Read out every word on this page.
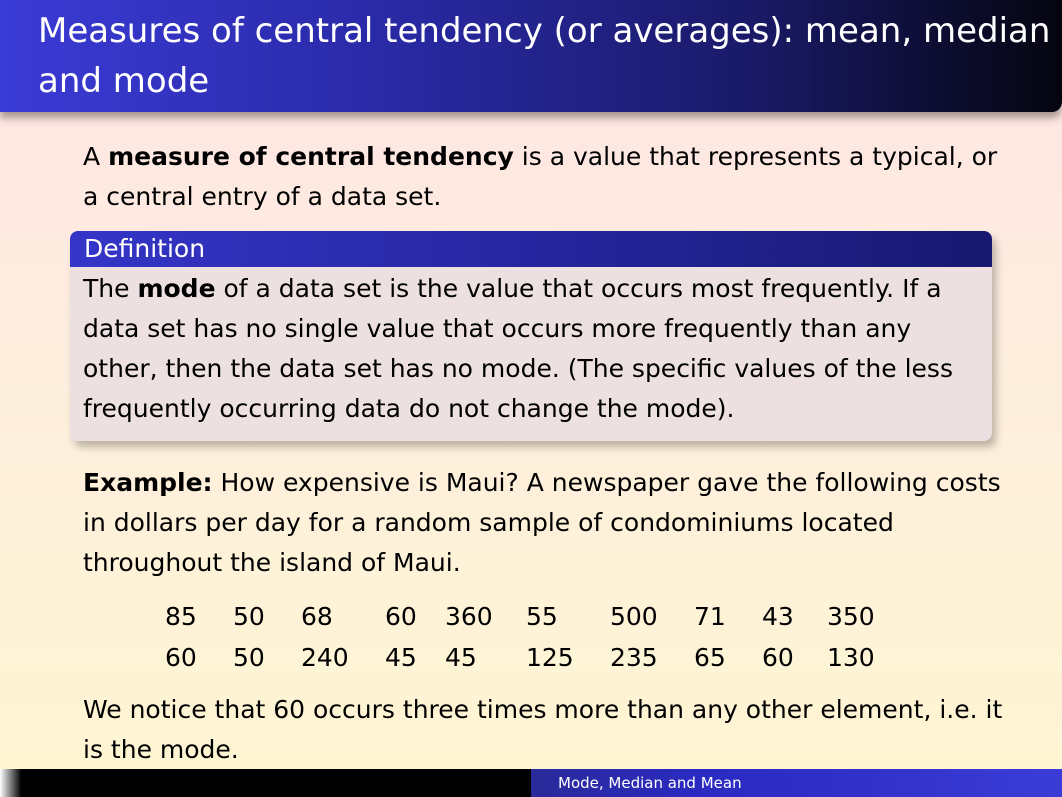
Measures of central tendency (or averages): mean, median and mode

A measure of central tendency is a value that represents a typical, or a central entry of a data set.

Definition
The mode of a data set is the value that occurs most frequently. If a data set has no single value that occurs more frequently than any other, then the data set has no mode. (The specific values of the less frequently occurring data do not change the mode).

Example: How expensive is Maui? A newspaper gave the following costs in dollars per day for a random sample of condominiums located throughout the island of Maui.

85	50	68	60	360	55	500	71	43	350
60	50	240	45	45	125	235	65	60	130

We notice that 60 occurs three times more than any other element, i.e. it is the mode.

Mode, Median and Mean
